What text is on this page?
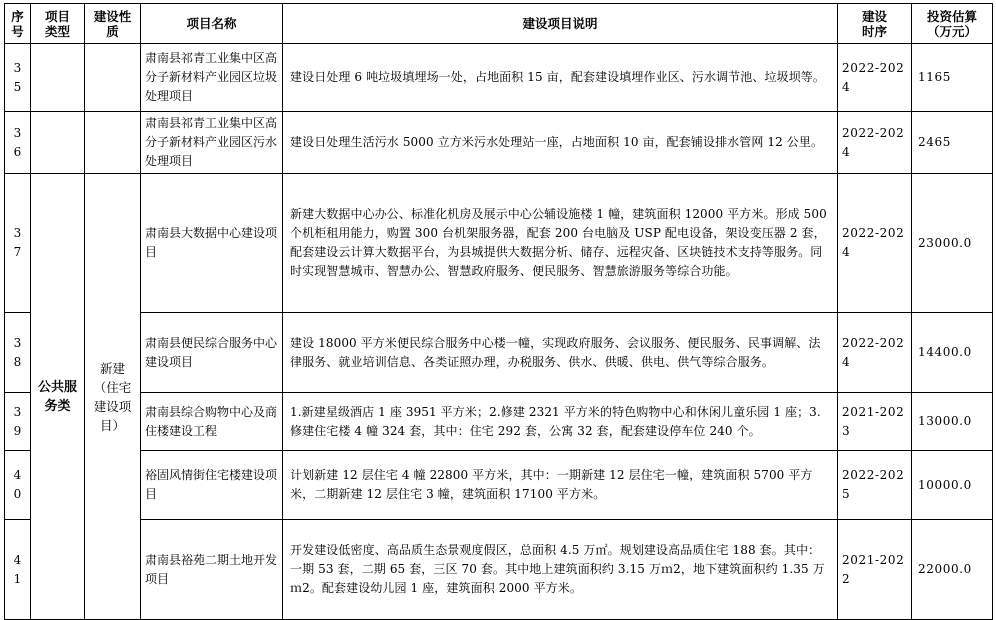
序号	项目类型	建设性质	项目名称	建设项目说明	建设时序	投资估算（万元）
35			肃南县祁青工业集中区高分子新材料产业园区垃圾处理项目	建设日处理 6 吨垃圾填埋场一处，占地面积 15 亩，配套建设填埋作业区、污水调节池、垃圾坝等。	2022-2024	1165
36			肃南县祁青工业集中区高分子新材料产业园区污水处理项目	建设日处理生活污水 5000 立方米污水处理站一座，占地面积 10 亩，配套铺设排水管网 12 公里。	2022-2024	2465
37	公共服务类	新建（住宅建设项目）	肃南县大数据中心建设项目	新建大数据中心办公、标准化机房及展示中心公辅设施楼 1 幢，建筑面积 12000 平方米。形成 500 个机柜租用能力，购置 300 台机架服务器，配套 200 台电脑及 USP 配电设备，架设变压器 2 套，配套建设云计算大数据平台，为县城提供大数据分析、储存、远程灾备、区块链技术支持等服务。同时实现智慧城市、智慧办公、智慧政府服务、便民服务、智慧旅游服务等综合功能。	2022-2024	23000.0
38			肃南县便民综合服务中心建设项目	建设 18000 平方米便民综合服务中心楼一幢，实现政府服务、会议服务、便民服务、民事调解、法律服务、就业培训信息、各类证照办理，办税服务、供水、供暖、供电、供气等综合服务。	2022-2024	14400.0
39			肃南县综合购物中心及商住楼建设工程	1.新建星级酒店 1 座 3951 平方米；2.修建 2321 平方米的特色购物中心和休闲儿童乐园 1 座；3.修建住宅楼 4 幢 324 套，其中：住宅 292 套，公寓 32 套，配套建设停车位 240 个。	2021-2023	13000.0
40			裕固风情街住宅楼建设项目	计划新建 12 层住宅 4 幢 22800 平方米，其中：一期新建 12 层住宅一幢，建筑面积 5700 平方米，二期新建 12 层住宅 3 幢，建筑面积 17100 平方米。	2022-2025	10000.0
41			肃南县裕苑二期土地开发项目	开发建设低密度、高品质生态景观度假区，总面积 4.5 万㎡。规划建设高品质住宅 188 套。其中：一期 53 套，二期 65 套，三区 70 套。其中地上建筑面积约 3.15 万ｍ2，地下建筑面积约 1.35 万ｍ2。配套建设幼儿园 1 座，建筑面积 2000 平方米。	2021-2022	22000.0
